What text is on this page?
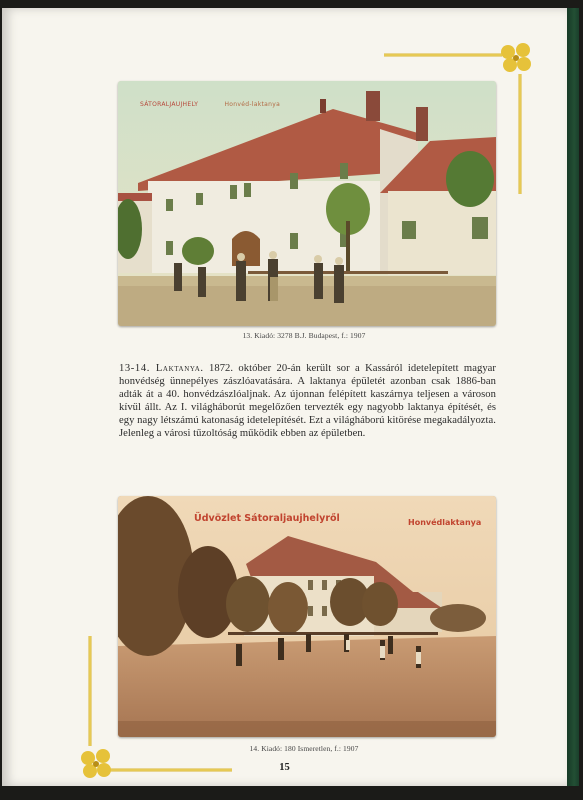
SÁTORALJAUJHELY	Honvéd-laktanya
13. Kiadó: 3278 B.J. Budapest, f.: 1907
13-14. Laktanya. 1872. október 20-án került sor a Kassáról idetelepített magyar honvédség ünnepélyes zászlóavatására. A laktanya épületét azonban csak 1886-ban adták át a 40. honvédzászlóaljnak. Az újonnan felépített kaszárnya teljesen a városon kívül állt. Az I. világháborút megelőzően tervezték egy nagyobb laktanya építését, és egy nagy létszámú katonaság idetelepítését. Ezt a világháború kitörése megakadályozta. Jelenleg a városi tűzoltóság működik ebben az épületben.
Üdvözlet Sátoraljaujhelyről	Honvédlaktanya
14. Kiadó: 180 Ismeretlen, f.: 1907
15
